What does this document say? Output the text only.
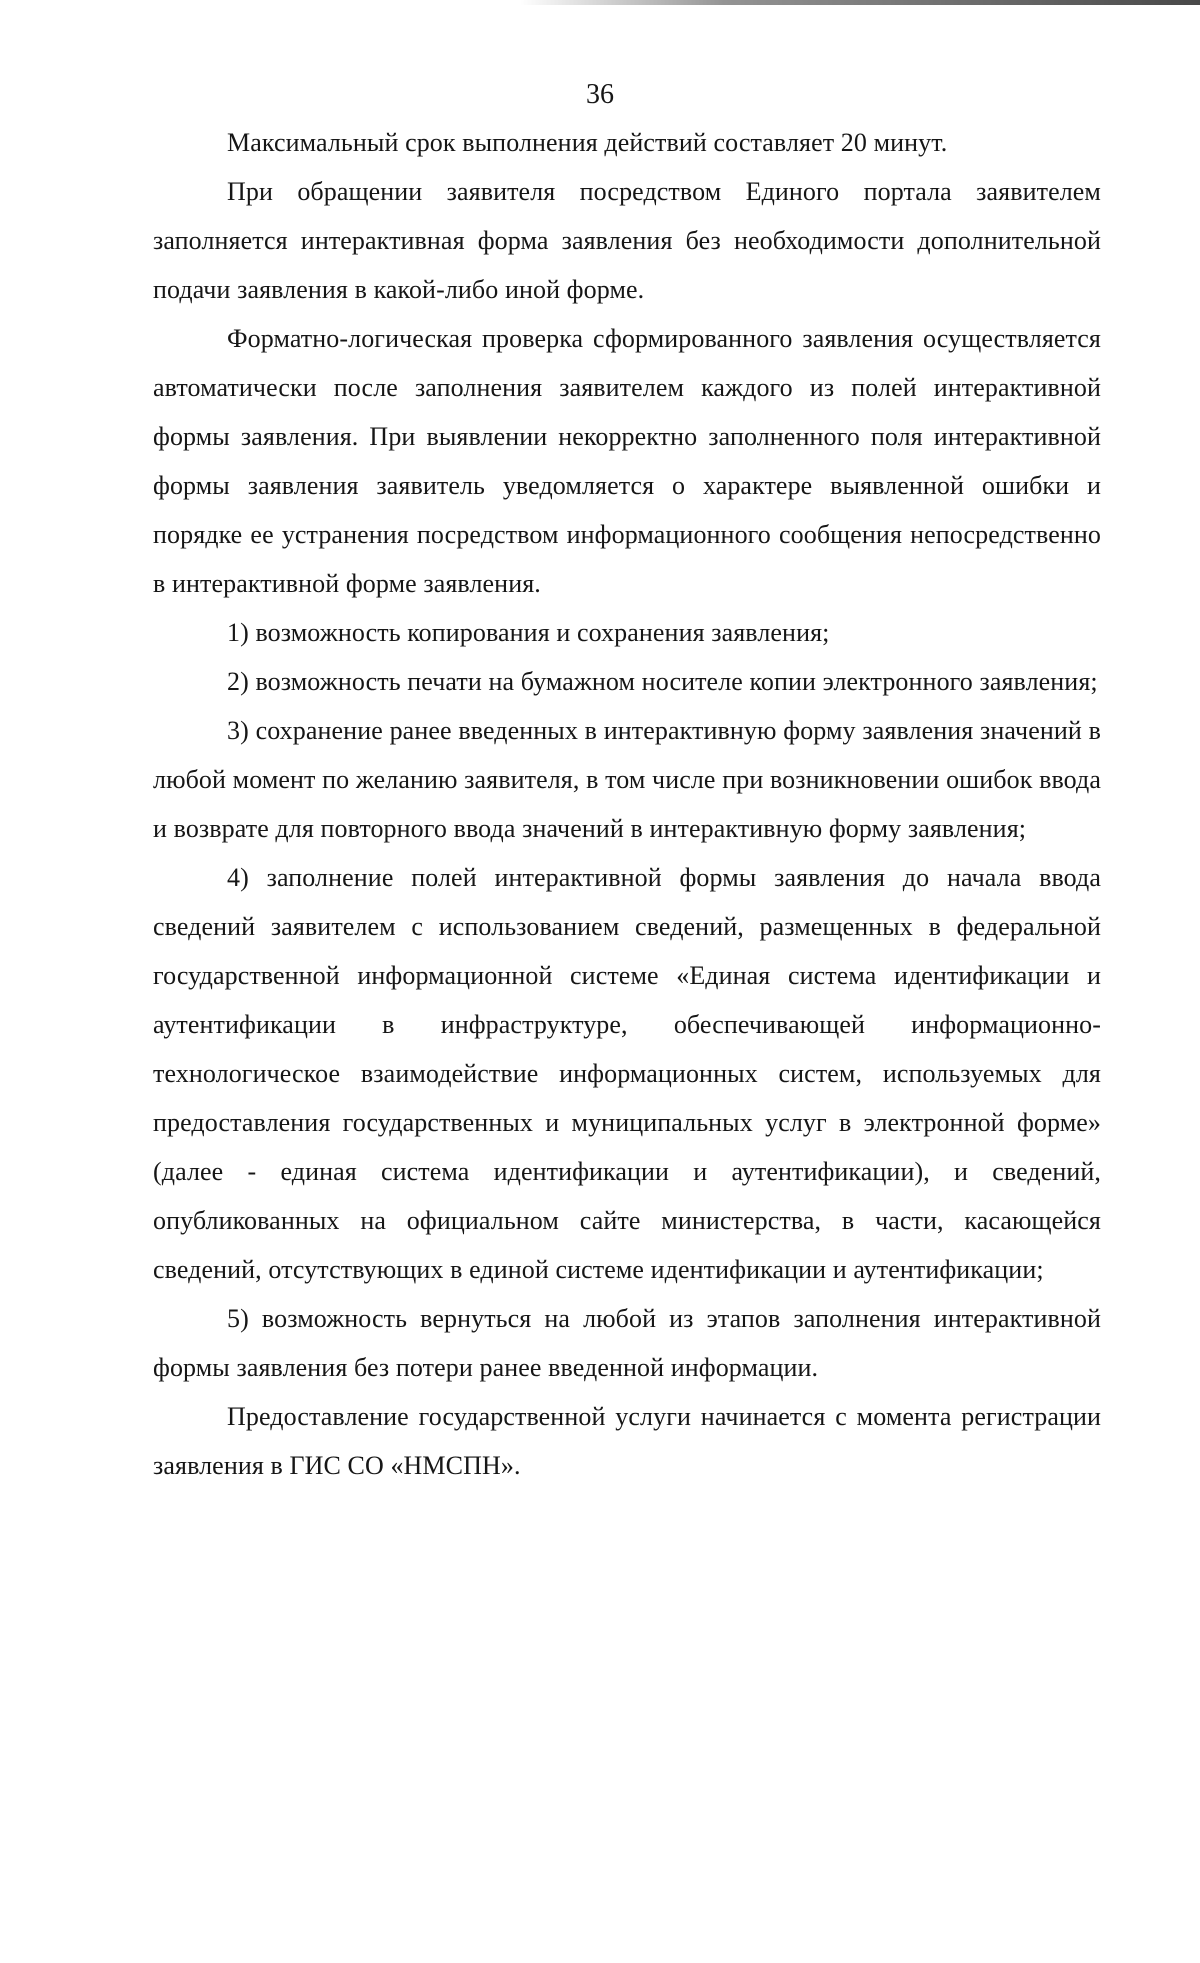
36

Максимальный срок выполнения действий составляет 20 минут.

При обращении заявителя посредством Единого портала заявителем заполняется интерактивная форма заявления без необходимости дополнительной подачи заявления в какой-либо иной форме.

Форматно-логическая проверка сформированного заявления осуществляется автоматически после заполнения заявителем каждого из полей интерактивной формы заявления. При выявлении некорректно заполненного поля интерактивной формы заявления заявитель уведомляется о характере выявленной ошибки и порядке ее устранения посредством информационного сообщения непосредственно в интерактивной форме заявления.

1) возможность копирования и сохранения заявления;

2) возможность печати на бумажном носителе копии электронного заявления;

3) сохранение ранее введенных в интерактивную форму заявления значений в любой момент по желанию заявителя, в том числе при возникновении ошибок ввода и возврате для повторного ввода значений в интерактивную форму заявления;

4) заполнение полей интерактивной формы заявления до начала ввода сведений заявителем с использованием сведений, размещенных в федеральной государственной информационной системе «Единая система идентификации и аутентификации в инфраструктуре, обеспечивающей информационно-технологическое взаимодействие информационных систем, используемых для предоставления государственных и муниципальных услуг в электронной форме» (далее - единая система идентификации и аутентификации), и сведений, опубликованных на официальном сайте министерства, в части, касающейся сведений, отсутствующих в единой системе идентификации и аутентификации;

5) возможность вернуться на любой из этапов заполнения интерактивной формы заявления без потери ранее введенной информации.

Предоставление государственной услуги начинается с момента регистрации заявления в ГИС СО «НМСПН».
